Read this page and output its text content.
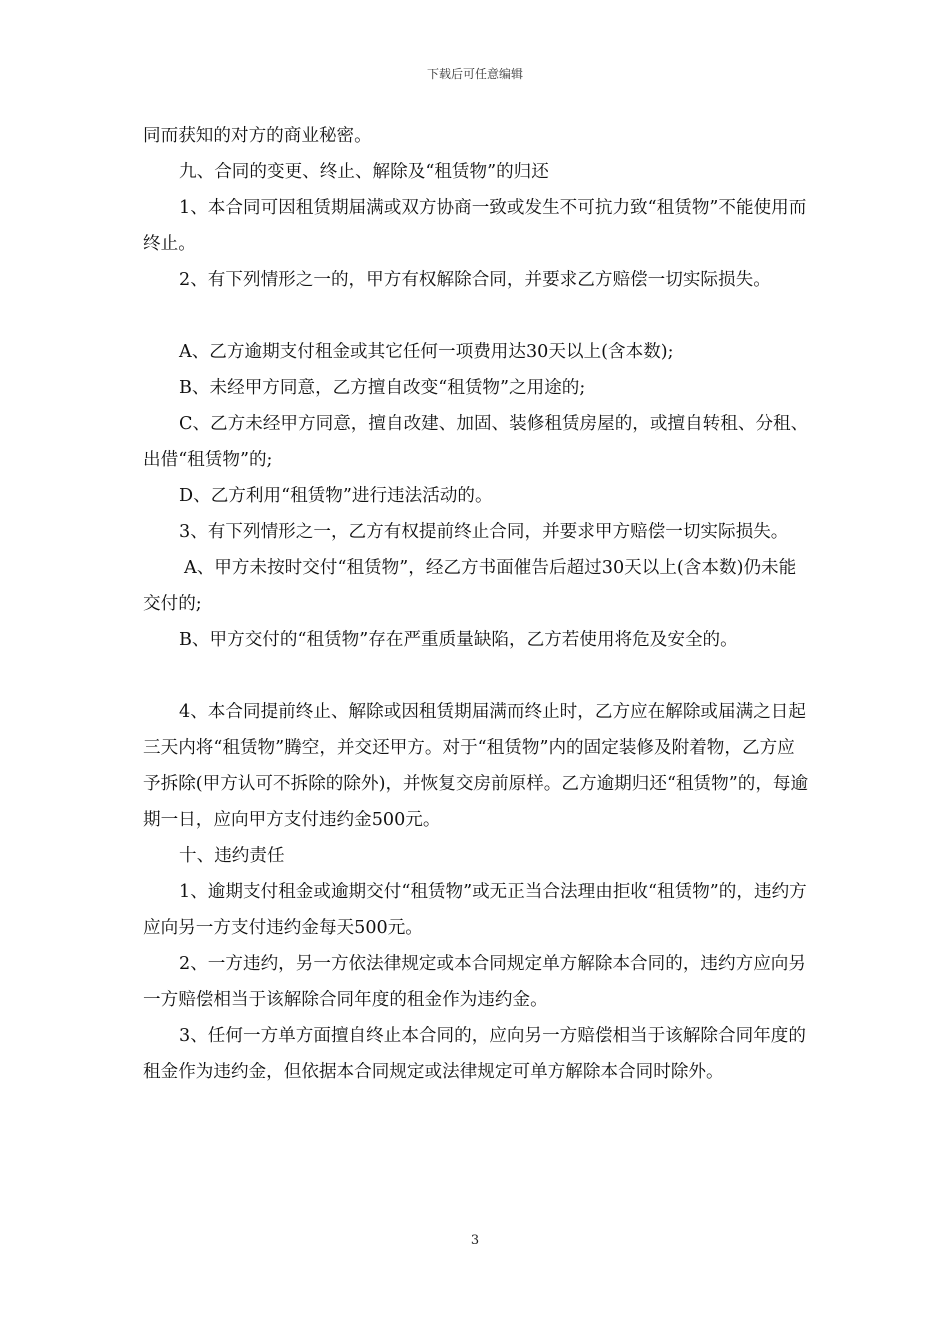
下载后可任意编辑

同而获知的对方的商业秘密。

九、合同的变更、终止、解除及“租赁物”的归还

1、本合同可因租赁期届满或双方协商一致或发生不可抗力致“租赁物”不能使用而终止。

2、有下列情形之一的，甲方有权解除合同，并要求乙方赔偿一切实际损失。

A、乙方逾期支付租金或其它任何一项费用达30天以上(含本数);

B、未经甲方同意，乙方擅自改变“租赁物”之用途的;

C、乙方未经甲方同意，擅自改建、加固、装修租赁房屋的，或擅自转租、分租、出借“租赁物”的;

D、乙方利用“租赁物”进行违法活动的。

3、有下列情形之一，乙方有权提前终止合同，并要求甲方赔偿一切实际损失。

A、甲方未按时交付“租赁物”，经乙方书面催告后超过30天以上(含本数)仍未能交付的;

B、甲方交付的“租赁物”存在严重质量缺陷，乙方若使用将危及安全的。

4、本合同提前终止、解除或因租赁期届满而终止时，乙方应在解除或届满之日起三天内将“租赁物”腾空，并交还甲方。对于“租赁物”内的固定装修及附着物，乙方应予拆除(甲方认可不拆除的除外)，并恢复交房前原样。乙方逾期归还“租赁物”的，每逾期一日，应向甲方支付违约金500元。

十、违约责任

1、逾期支付租金或逾期交付“租赁物”或无正当合法理由拒收“租赁物”的，违约方应向另一方支付违约金每天500元。

2、一方违约，另一方依法律规定或本合同规定单方解除本合同的，违约方应向另一方赔偿相当于该解除合同年度的租金作为违约金。

3、任何一方单方面擅自终止本合同的，应向另一方赔偿相当于该解除合同年度的租金作为违约金，但依据本合同规定或法律规定可单方解除本合同时除外。

3
